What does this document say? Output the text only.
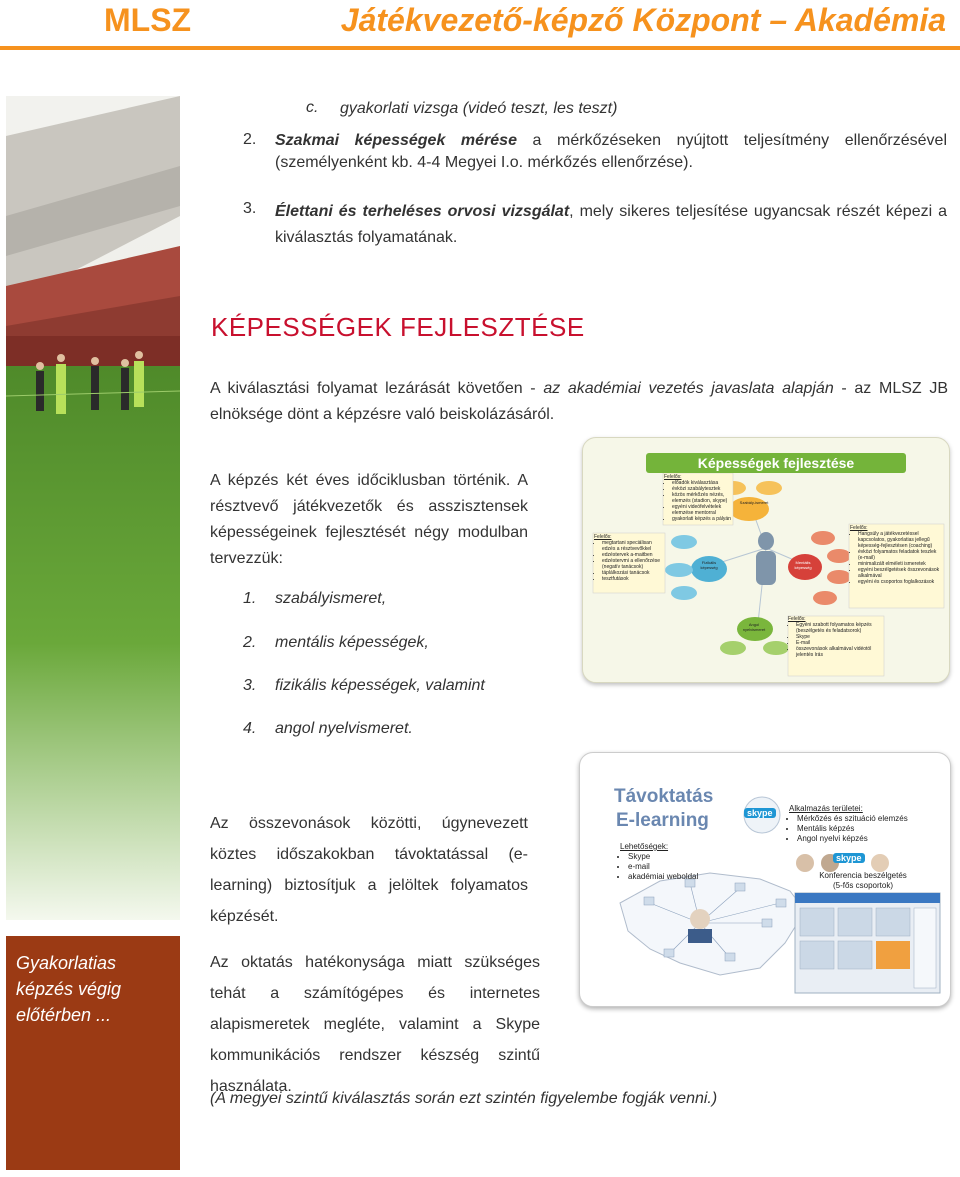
MLSZ	Játékvezető-képző Központ – Akadémia
Gyakorlatias képzés végig előtérben ...
c. gyakorlati vizsga (videó teszt, les teszt)
2. Szakmai képességek mérése a mérkőzéseken nyújtott teljesítmény ellenőrzésével (személyenként kb. 4-4 Megyei I.o. mérkőzés ellenőrzése).
3. Élettani és terheléses orvosi vizsgálat, mely sikeres teljesítése ugyancsak részét képezi a kiválasztás folyamatának.
KÉPESSÉGEK FEJLESZTÉSE
A kiválasztási folyamat lezárását követően - az akadémiai vezetés javaslata alapján - az MLSZ JB elnöksége dönt a képzésre való beiskolázásáról.
A képzés két éves időciklusban történik. A résztvevő játékvezetők és asszisztensek képességeinek fejlesztését négy modulban tervezzük:
1. szabályismeret,
2. mentális képességek,
3. fizikális képességek, valamint
4. angol nyelvismeret.
Az összevonások közötti, úgynevezett köztes időszakokban távoktatással (e-learning) biztosítjuk a jelöltek folyamatos képzését.
Az oktatás hatékonysága miatt szükséges tehát a számítógépes és internetes alapismeretek megléte, valamint a Skype kommunikációs rendszer készség szintű használata.
(A megyei szintű kiválasztás során ezt szintén figyelembe fogják venni.)
Képességek fejlesztése
Felelős:
• előadók kiválasztása
• évközi szabálytesztek
• közös mérkőzés nézés, elemzés (stadion, skype)
• egyéni videófelvételek elemzése mentorral
• gyakorlati képzés a pályán
Felelős:
• megtartani speciálisan edzés a résztvevőkkel
• edzéstervek a-maitben
• edzéstervmi a ellenőrzése (negatív tanácsok)
• táplálkozási tanácsok
• tesztfutások
Felelős:
• Hangsúly a játékvezetéssel kapcsolatos, gyakorlatias jellegű képesség-fejlesztésen (coaching)
• évközi folyamatos feladatok teszlek (e-mail)
• minimalizált elméleti ismeretek
• egyéni beszélgetések összevonások alkalmával
• egyéni és csoportos foglalkozások
Felelős:
• Egyéni szabott folyamatos képzés (beszélgetés és feladatsorok)
• Skype
• E-mail
• összevonások alkalmával vidéotól jelentés írás
Szabály-ismeret
Fizikális képesség
Mentális képesség
Angol nyelvismeret
Távoktatás
E-learning	skype
skype
Lehetőségek:
• Skype
• e-mail
• akadémiai weboldal
Alkalmazás területei:
• Mérkőzés és szituáció elemzés
• Mentális képzés
• Angol nyelvi képzés
Konferencia beszélgetés
(5-fős csoportok)
